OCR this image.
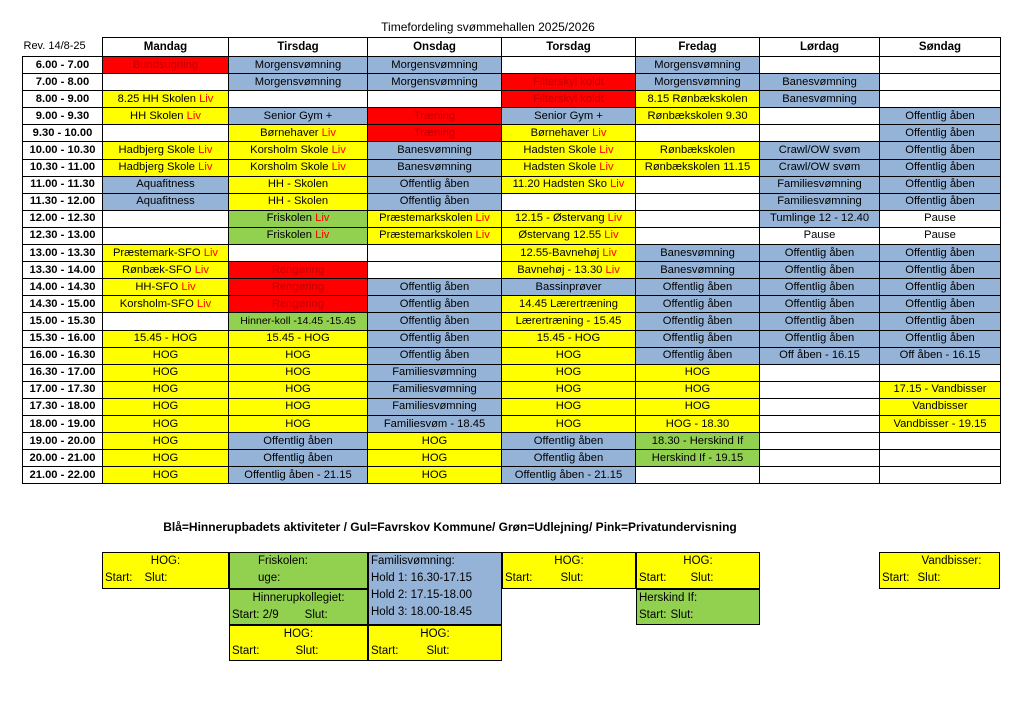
Timefordeling svømmehallen 2025/2026
Rev. 14/8-25	Mandag	Tirsdag	Onsdag	Torsdag	Fredag	Lørdag	Søndag
6.00 - 7.00	Bundsugning	Morgensvømning	Morgensvømning		Morgensvømning		
7.00 - 8.00		Morgensvømning	Morgensvømning	Filterskyl koldt	Morgensvømning	Banesvømning	
8.00 - 9.00	8.25 HH Skolen Liv			Filterskyl koldt	8.15 Rønbækskolen	Banesvømning	
9.00 - 9.30	HH Skolen Liv	Senior Gym +	Træning	Senior Gym +	Rønbækskolen 9.30		Offentlig åben
9.30 - 10.00		Børnehaver Liv	Træning	Børnehaver Liv			Offentlig åben
10.00 - 10.30	Hadbjerg Skole Liv	Korsholm Skole Liv	Banesvømning	Hadsten Skole Liv	Rønbækskolen	Crawl/OW svøm	Offentlig åben
10.30 - 11.00	Hadbjerg Skole Liv	Korsholm Skole Liv	Banesvømning	Hadsten Skole Liv	Rønbækskolen 11.15	Crawl/OW svøm	Offentlig åben
11.00 - 11.30	Aquafitness	HH - Skolen	Offentlig åben	11.20 Hadsten Sko Liv		Familiesvømning	Offentlig åben
11.30 - 12.00	Aquafitness	HH - Skolen	Offentlig åben			Familiesvømning	Offentlig åben
12.00 - 12.30		Friskolen Liv	Præstemarkskolen Liv	12.15 - Østervang Liv		Tumlinge 12 - 12.40	Pause
12.30 - 13.00		Friskolen Liv	Præstemarkskolen Liv	Østervang 12.55 Liv		Pause	Pause
13.00 - 13.30	Præstemark-SFO Liv			12.55-Bavnehøj Liv	Banesvømning	Offentlig åben	Offentlig åben
13.30 - 14.00	Rønbæk-SFO Liv	Rengøring		Bavnehøj - 13.30 Liv	Banesvømning	Offentlig åben	Offentlig åben
14.00 - 14.30	HH-SFO Liv	Rengøring	Offentlig åben	Bassinprøver	Offentlig åben	Offentlig åben	Offentlig åben
14.30 - 15.00	Korsholm-SFO Liv	Rengøring	Offentlig åben	14.45 Lærertræning	Offentlig åben	Offentlig åben	Offentlig åben
15.00 - 15.30		Hinner-koll -14.45 -15.45	Offentlig åben	Lærertræning - 15.45	Offentlig åben	Offentlig åben	Offentlig åben
15.30 - 16.00	15.45 - HOG	15.45 - HOG	Offentlig åben	15.45 - HOG	Offentlig åben	Offentlig åben	Offentlig åben
16.00 - 16.30	HOG	HOG	Offentlig åben	HOG	Offentlig åben	Off åben - 16.15	Off åben - 16.15
16.30 - 17.00	HOG	HOG	Familiesvømning	HOG	HOG		
17.00 - 17.30	HOG	HOG	Familiesvømning	HOG	HOG		17.15 - Vandbisser
17.30 - 18.00	HOG	HOG	Familiesvømning	HOG	HOG		Vandbisser
18.00 - 19.00	HOG	HOG	Familiesvøm - 18.45	HOG	HOG - 18.30		Vandbisser - 19.15
19.00 - 20.00	HOG	Offentlig åben	HOG	Offentlig åben	18.30 - Herskind If		
20.00 - 21.00	HOG	Offentlig åben	HOG	Offentlig åben	Herskind If - 19.15		
21.00 - 22.00	HOG	Offentlig åben - 21.15	HOG	Offentlig åben - 21.15			
Blå=Hinnerupbadets aktiviteter / Gul=Favrskov Kommune/ Grøn=Udlejning/ Pink=Privatundervisning
HOG:
Start: Slut:
Friskolen:
uge:
Hinnerupkollegiet:
Start: 2/9 Slut:
HOG:
Start:	Slut:
Familisvømning:
Hold 1: 16.30-17.15
Hold 2: 17.15-18.00
Hold 3: 18.00-18.45
HOG:
Start: Slut:
HOG:
Start: Slut:
HOG:
Start: Slut:
Herskind If:
Start: Slut:
Vandbisser:
Start: Slut:
